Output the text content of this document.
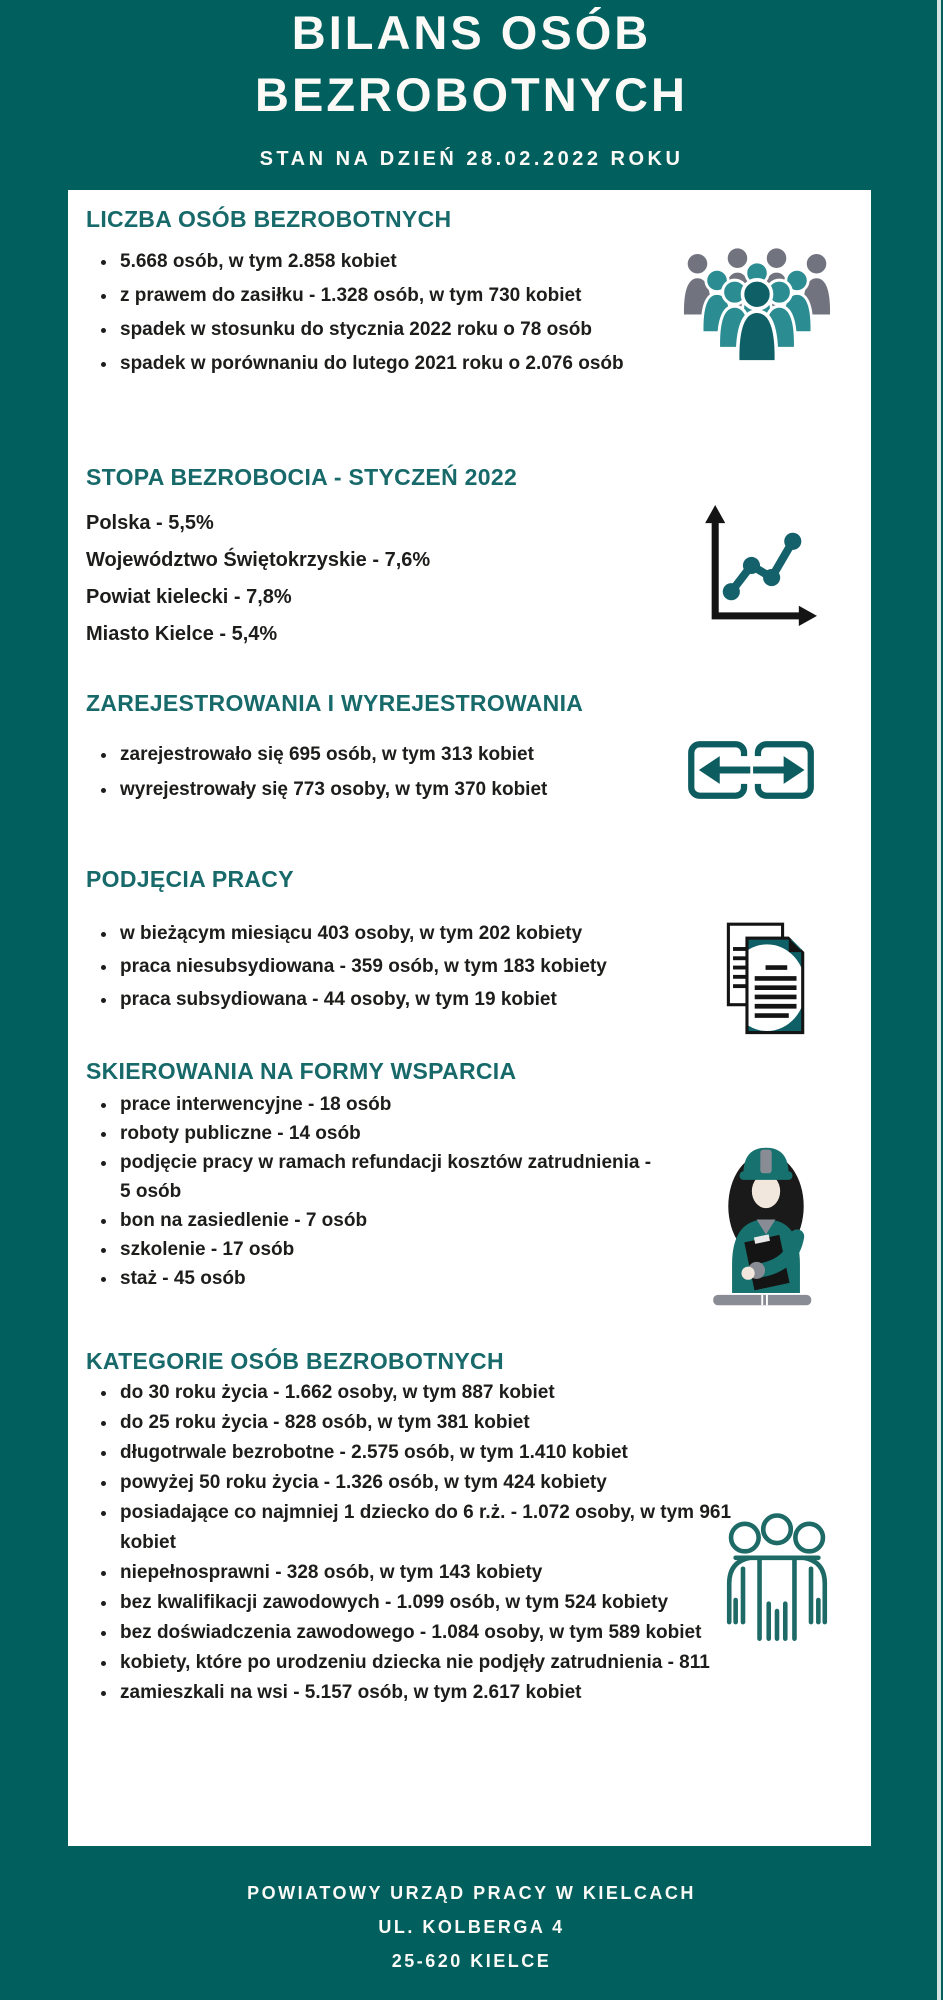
BILANS OSÓB
BEZROBOTNYCH
STAN NA DZIEŃ 28.02.2022 ROKU
LICZBA OSÓB BEZROBOTNYCH
• 5.668 osób, w tym 2.858 kobiet
• z prawem do zasiłku - 1.328 osób, w tym 730 kobiet
• spadek w stosunku do stycznia 2022 roku o 78 osób
• spadek w porównaniu do lutego 2021 roku o 2.076 osób
STOPA BEZROBOCIA - STYCZEŃ 2022
Polska - 5,5%
Województwo Świętokrzyskie - 7,6%
Powiat kielecki - 7,8%
Miasto Kielce - 5,4%
ZAREJESTROWANIA I WYREJESTROWANIA
• zarejestrowało się 695 osób, w tym 313 kobiet
• wyrejestrowały się 773 osoby, w tym 370 kobiet
PODJĘCIA PRACY
• w bieżącym miesiącu 403 osoby, w tym 202 kobiety
• praca niesubsydiowana - 359 osób, w tym 183 kobiety
• praca subsydiowana - 44 osoby, w tym 19 kobiet
SKIEROWANIA NA FORMY WSPARCIA
• prace interwencyjne - 18 osób
• roboty publiczne - 14 osób
• podjęcie pracy w ramach refundacji kosztów zatrudnienia - 5 osób
• bon na zasiedlenie - 7 osób
• szkolenie - 17 osób
• staż - 45 osób
KATEGORIE OSÓB BEZROBOTNYCH
• do 30 roku życia - 1.662 osoby, w tym 887 kobiet
• do 25 roku życia - 828 osób, w tym 381 kobiet
• długotrwale bezrobotne - 2.575 osób, w tym 1.410 kobiet
• powyżej 50 roku życia - 1.326 osób, w tym 424 kobiety
• posiadające co najmniej 1 dziecko do 6 r.ż. - 1.072 osoby, w tym 961 kobiet
• niepełnosprawni - 328 osób, w tym 143 kobiety
• bez kwalifikacji zawodowych - 1.099 osób, w tym 524 kobiety
• bez doświadczenia zawodowego - 1.084 osoby, w tym 589 kobiet
• kobiety, które po urodzeniu dziecka nie podjęły zatrudnienia - 811
• zamieszkali na wsi - 5.157 osób, w tym 2.617 kobiet
POWIATOWY URZĄD PRACY W KIELCACH
UL. KOLBERGA 4
25-620 KIELCE
